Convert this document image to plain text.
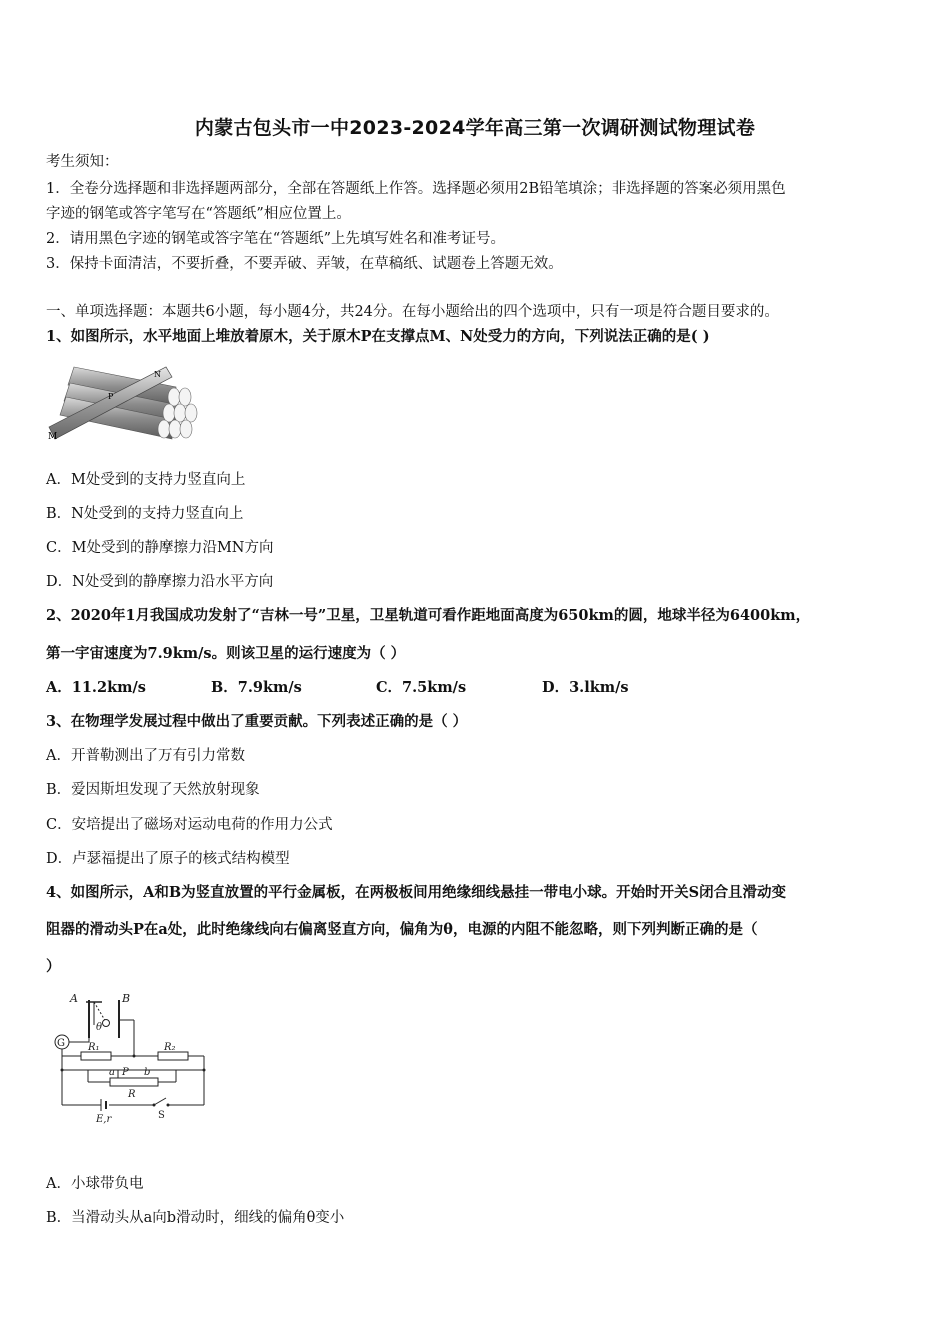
内蒙古包头市一中2023-2024学年高三第一次调研测试物理试卷
考生须知：
1．全卷分选择题和非选择题两部分，全部在答题纸上作答。选择题必须用2B铅笔填涂；非选择题的答案必须用黑色
字迹的钢笔或答字笔写在“答题纸”相应位置上。
2．请用黑色字迹的钢笔或答字笔在“答题纸”上先填写姓名和准考证号。
3．保持卡面清洁，不要折叠，不要弄破、弄皱，在草稿纸、试题卷上答题无效。
一、单项选择题：本题共6小题，每小题4分，共24分。在每小题给出的四个选项中，只有一项是符合题目要求的。
1、如图所示，水平地面上堆放着原木，关于原木P在支撑点M、N处受力的方向，下列说法正确的是( )
M
N
P
A．M处受到的支持力竖直向上
B．N处受到的支持力竖直向上
C．M处受到的静摩擦力沿MN方向
D．N处受到的静摩擦力沿水平方向
2、2020年1月我国成功发射了“吉林一号”卫星，卫星轨道可看作距地面高度为650km的圆，地球半径为6400km，
第一宇宙速度为7.9km/s。则该卫星的运行速度为（ ）
A．11.2km/s	B．7.9km/s	C．7.5km/s	D．3.lkm/s
3、在物理学发展过程中做出了重要贡献。下列表述正确的是（ ）
A．开普勒测出了万有引力常数
B．爱因斯坦发现了天然放射现象
C．安培提出了磁场对运动电荷的作用力公式
D．卢瑟福提出了原子的核式结构模型
4、如图所示，A和B为竖直放置的平行金属板，在两极板间用绝缘细线悬挂一带电小球。开始时开关S闭合且滑动变
阻器的滑动头P在a处，此时绝缘线向右偏离竖直方向，偏角为θ，电源的内阻不能忽略，则下列判断正确的是（
）
A	B
G
θ
R₁	R₂
a P b
R
E,r	S
A．小球带负电
B．当滑动头从a向b滑动时，细线的偏角θ变小
